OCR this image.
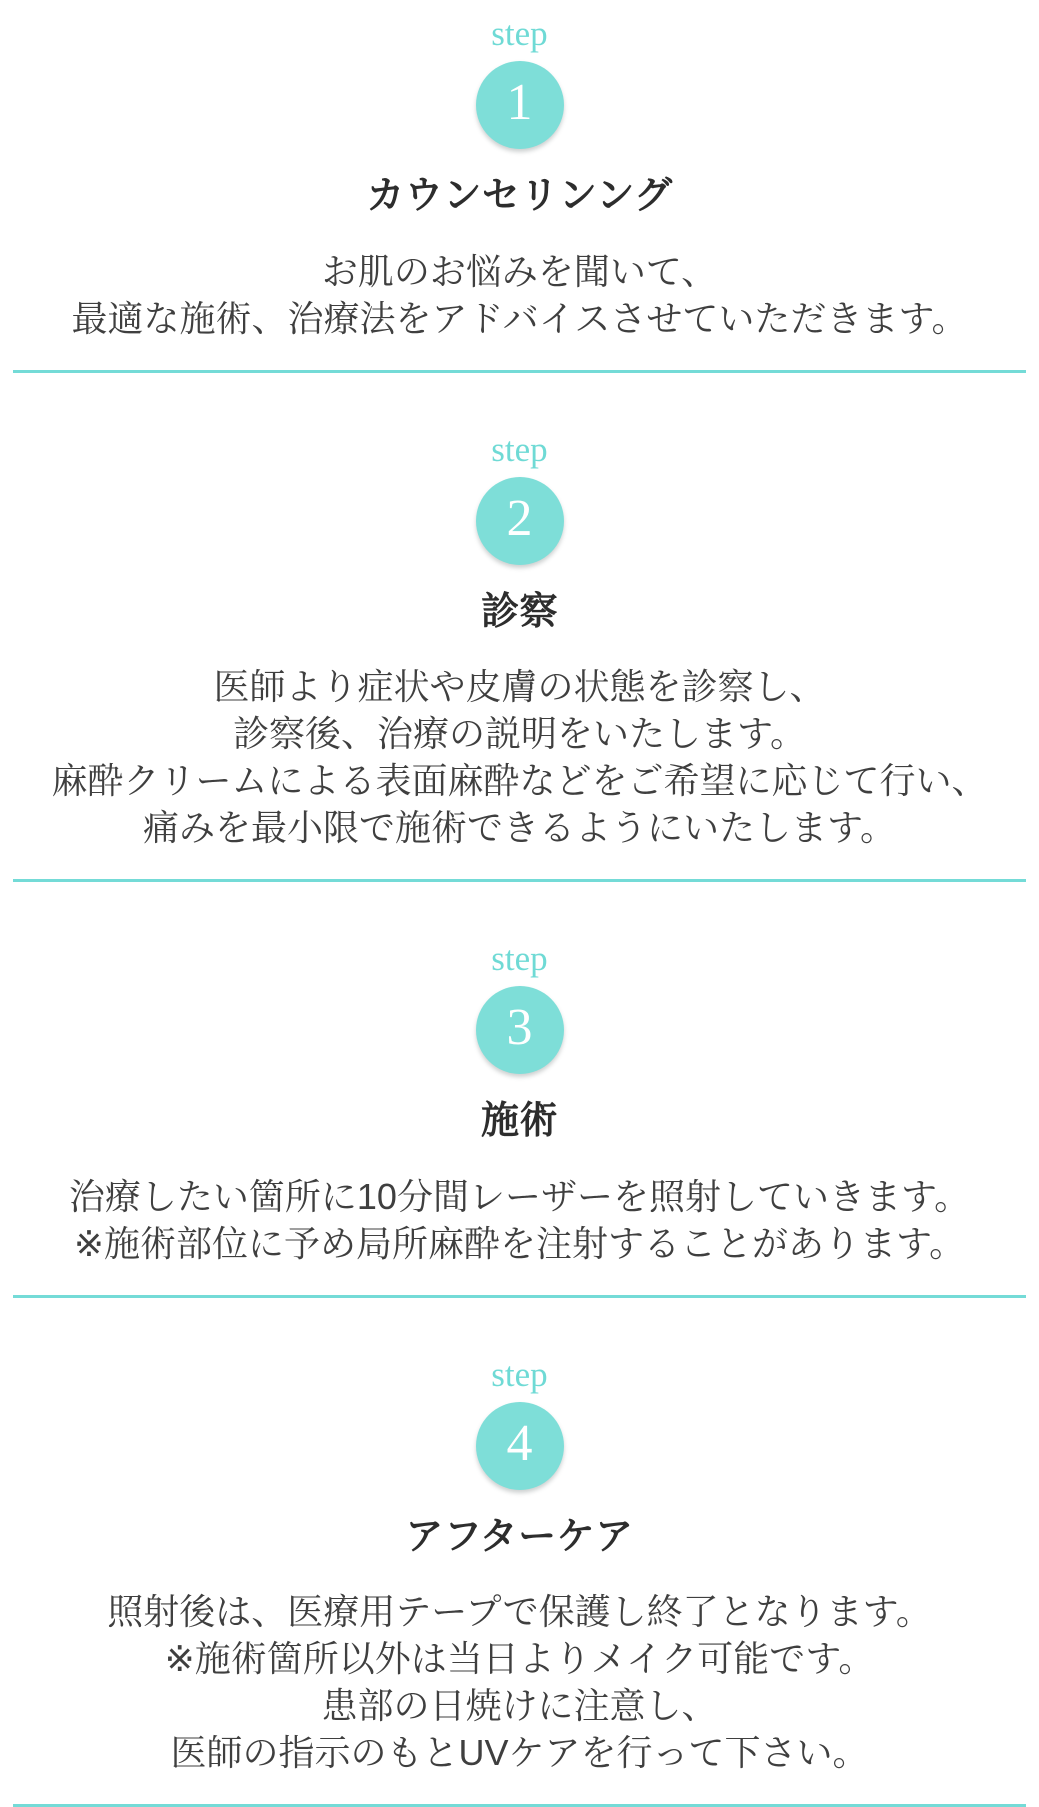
step
1
カウンセリンング
お肌のお悩みを聞いて、
最適な施術、治療法をアドバイスさせていただきます。
step
2
診察
医師より症状や皮膚の状態を診察し、
診察後、治療の説明をいたします。
麻酔クリームによる表面麻酔などをご希望に応じて行い、
痛みを最小限で施術できるようにいたします。
step
3
施術
治療したい箇所に10分間レーザーを照射していきます。
※施術部位に予め局所麻酔を注射することがあります。
step
4
アフターケア
照射後は、医療用テープで保護し終了となります。
※施術箇所以外は当日よりメイク可能です。
患部の日焼けに注意し、
医師の指示のもとUVケアを行って下さい。
